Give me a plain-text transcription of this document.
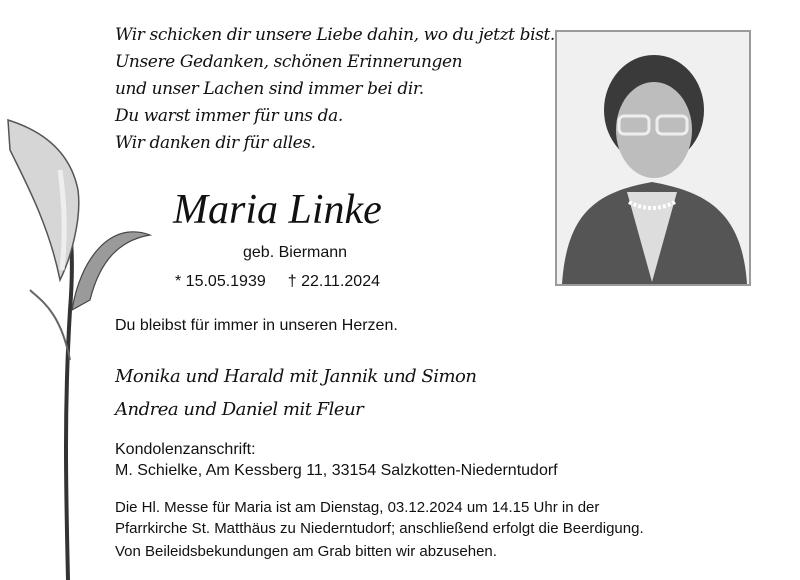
Wir schicken dir unsere Liebe dahin, wo du jetzt bist.
Unsere Gedanken, schönen Erinnerungen
und unser Lachen sind immer bei dir.
Du warst immer für uns da.
Wir danken dir für alles.
Maria Linke
geb. Biermann
* 15.05.1939 † 22.11.2024
Du bleibst für immer in unseren Herzen.
Monika und Harald mit Jannik und Simon
Andrea und Daniel mit Fleur
Kondolenzanschrift:
M. Schielke, Am Kessberg 11, 33154 Salzkotten-Niederntudorf
Die Hl. Messe für Maria ist am Dienstag, 03.12.2024 um 14.15 Uhr in der
Pfarrkirche St. Matthäus zu Niederntudorf; anschließend erfolgt die Beerdigung.
Von Beileidsbekundungen am Grab bitten wir abzusehen.
